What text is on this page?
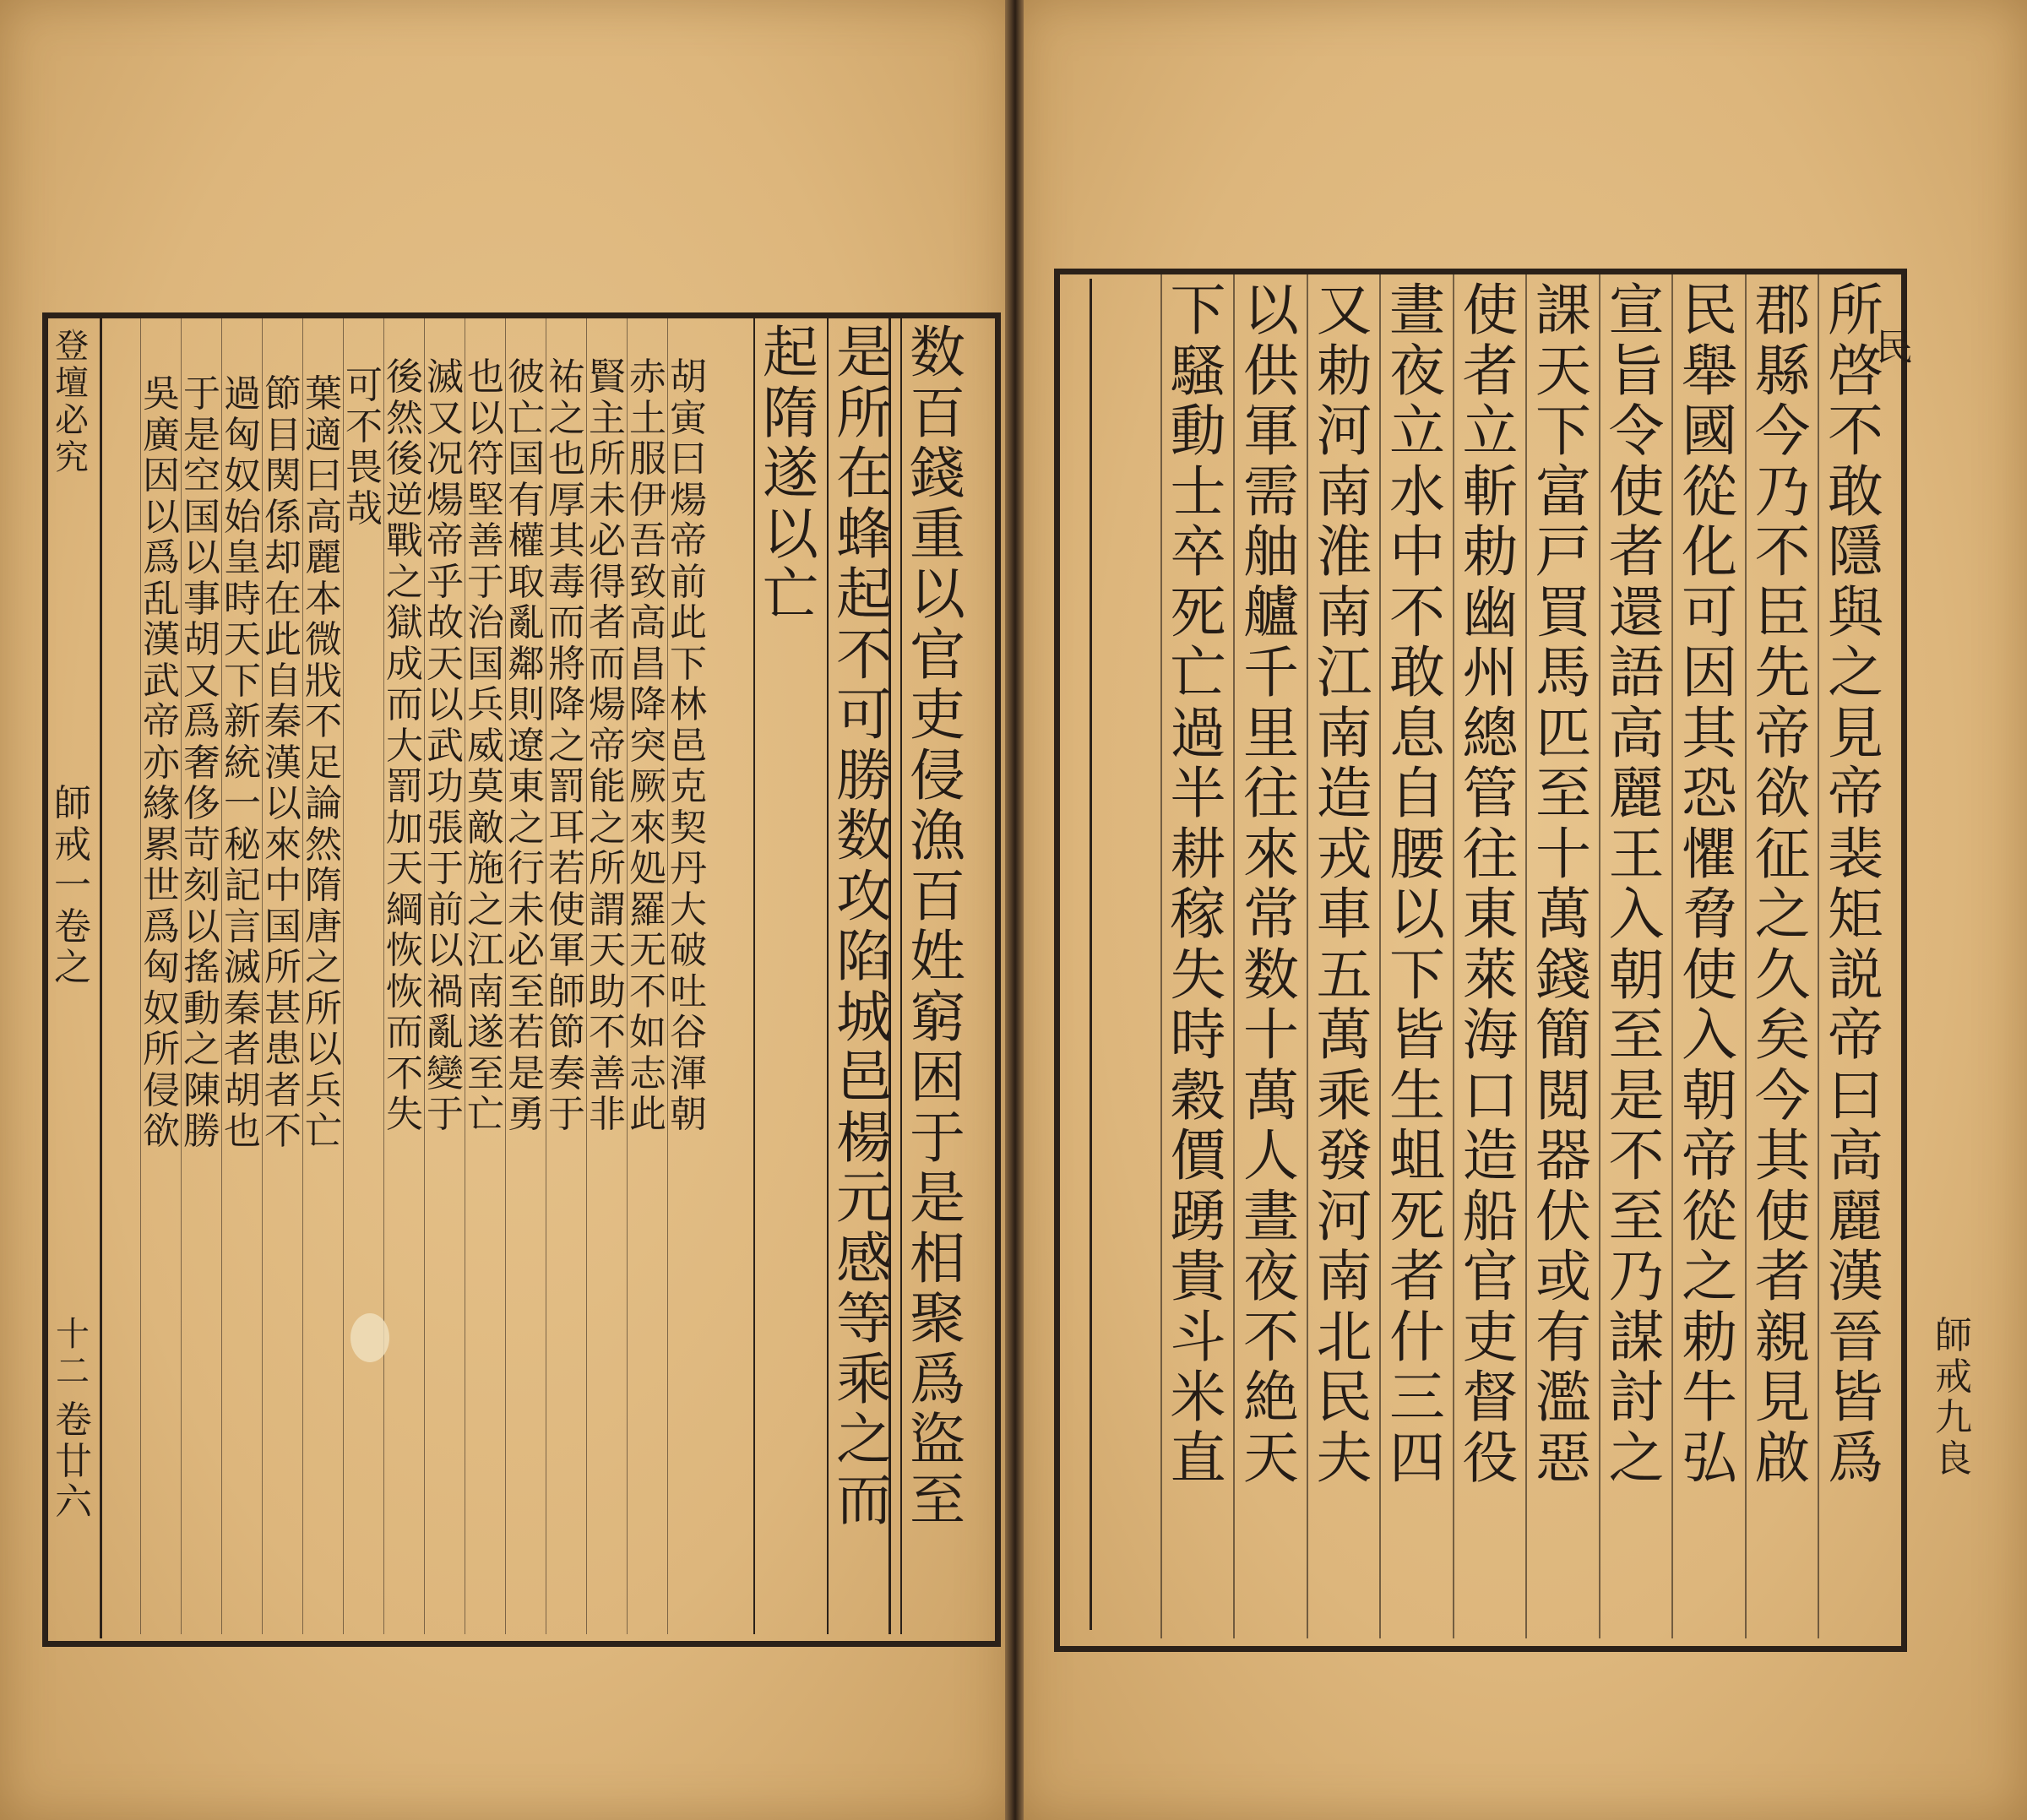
登
壇
必
究
師
戒
一
卷
之
十
二
卷
廿
六
数
百
錢
重
以
官
吏
侵
漁
百
姓
窮
困
于
是
相
聚
爲
盜
至
是
所
在
蜂
起
不
可
勝
数
攻
陷
城
邑
楊
元
感
等
乘
之
而
起
隋
遂
以
亡
胡
寅
曰
煬
帝
前
此
下
林
邑
克
契
丹
大
破
吐
谷
渾
朝
赤
土
服
伊
吾
致
高
昌
降
突
厥
來
処
羅
无
不
如
志
此
賢
主
所
未
必
得
者
而
煬
帝
能
之
所
謂
天
助
不
善
非
祐
之
也
厚
其
毒
而
將
降
之
罰
耳
若
使
軍
師
節
奏
于
彼
亡
国
有
權
取
亂
鄰
則
遼
東
之
行
未
必
至
若
是
勇
也
以
符
堅
善
于
治
国
兵
威
莫
敵
施
之
江
南
遂
至
亡
滅
又
况
煬
帝
乎
故
天
以
武
功
張
于
前
以
禍
亂
變
于
後
然
後
逆
戰
之
獄
成
而
大
罰
加
天
綱
恢
恢
而
不
失
可
不
畏
哉
葉
適
曰
高
麗
本
微
戕
不
足
論
然
隋
唐
之
所
以
兵
亡
節
目
関
係
却
在
此
自
秦
漢
以
來
中
国
所
甚
患
者
不
過
匈
奴
始
皇
時
天
下
新
統
一
秘
記
言
滅
秦
者
胡
也
于
是
空
国
以
事
胡
又
爲
奢
侈
苛
刻
以
搖
動
之
陳
勝
吳
廣
因
以
爲
乱
漢
武
帝
亦
緣
累
世
爲
匈
奴
所
侵
欲
師
戒
九
良
所
啓
不
敢
隱
與
之
見
帝
裴
矩
説
帝
曰
高
麗
漢
晉
皆
爲
郡
縣
今
乃
不
臣
先
帝
欲
征
之
久
矣
今
其
使
者
親
見
啟
民
舉
國
從
化
可
因
其
恐
懼
脅
使
入
朝
帝
從
之
勅
牛
弘
宣
旨
令
使
者
還
語
高
麗
王
入
朝
至
是
不
至
乃
謀
討
之
課
天
下
富
戸
買
馬
匹
至
十
萬
錢
簡
閲
器
伏
或
有
濫
惡
使
者
立
斬
勅
幽
州
總
管
往
東
萊
海
口
造
船
官
吏
督
役
晝
夜
立
水
中
不
敢
息
自
腰
以
下
皆
生
蛆
死
者
什
三
四
又
勅
河
南
淮
南
江
南
造
戎
車
五
萬
乘
發
河
南
北
民
夫
以
供
軍
需
舳
艫
千
里
往
來
常
数
十
萬
人
晝
夜
不
絶
天
下
騷
動
士
卒
死
亡
過
半
耕
稼
失
時
穀
價
踴
貴
斗
米
直
民
